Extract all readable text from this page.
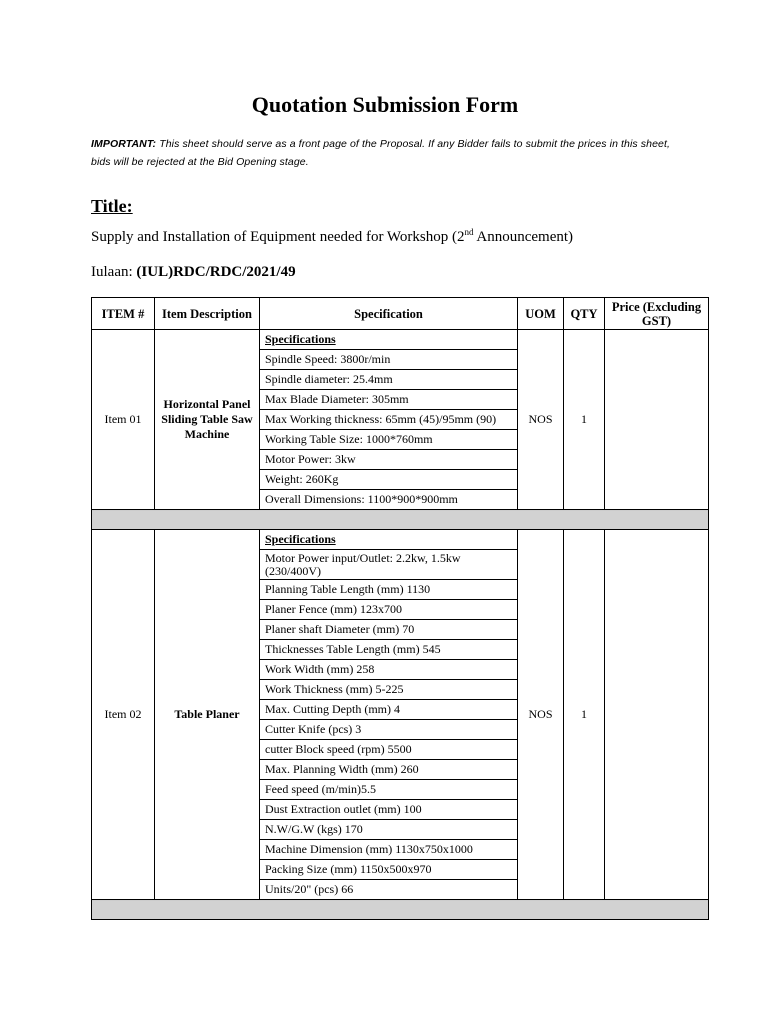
Quotation Submission Form
IMPORTANT: This sheet should serve as a front page of the Proposal. If any Bidder fails to submit the prices in this sheet, bids will be rejected at the Bid Opening stage.
Title:
Supply and Installation of Equipment needed for Workshop (2nd Announcement)
Iulaan: (IUL)RDC/RDC/2021/49
ITEM #	Item Description	Specification	UOM	QTY	Price (Excluding GST)
Item 01	Horizontal Panel Sliding Table Saw Machine	Specifications	NOS	1	
		Spindle Speed: 3800r/min			
		Spindle diameter: 25.4mm			
		Max Blade Diameter: 305mm			
		Max Working thickness: 65mm (45)/95mm (90)			
		Working Table Size: 1000*760mm			
		Motor Power: 3kw			
		Weight: 260Kg			
		Overall Dimensions: 1100*900*900mm			

Item 02	Table Planer	Specifications	NOS	1	
		Motor Power input/Outlet: 2.2kw, 1.5kw (230/400V)			
		Planning Table Length (mm) 1130			
		Planer Fence (mm) 123x700			
		Planer shaft Diameter (mm) 70			
		Thicknesses Table Length (mm) 545			
		Work Width (mm) 258			
		Work Thickness (mm) 5-225			
		Max. Cutting Depth (mm) 4			
		Cutter Knife (pcs) 3			
		cutter Block speed (rpm) 5500			
		Max. Planning Width (mm) 260			
		Feed speed (m/min)5.5			
		Dust Extraction outlet (mm) 100			
		N.W/G.W (kgs) 170			
		Machine Dimension (mm) 1130x750x1000			
		Packing Size (mm) 1150x500x970			
		Units/20" (pcs) 66			
